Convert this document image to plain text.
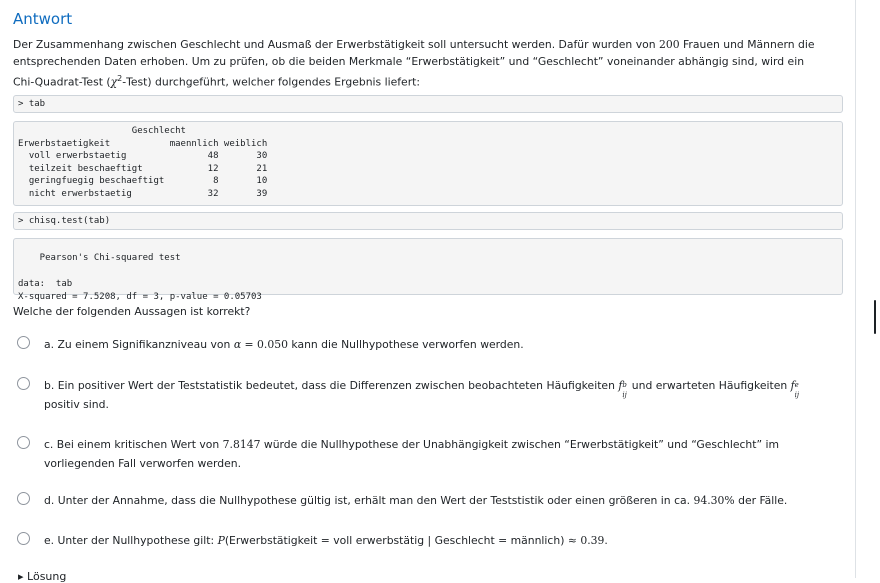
Antwort

Der Zusammenhang zwischen Geschlecht und Ausmaß der Erwerbstätigkeit soll untersucht werden. Dafür wurden von 200 Frauen und Männern die entsprechenden Daten erhoben. Um zu prüfen, ob die beiden Merkmale “Erwerbstätigkeit” und “Geschlecht” voneinander abhängig sind, wird ein Chi-Quadrat-Test $(\chi^2-Test)$ durchgeführt, welcher folgendes Ergebnis liefert:

> tab
Geschlecht
Erwerbstaetigkeit           maennlich weiblich
voll erwerbstaetig               48       30
teilzeit beschaeftigt            12       21
geringfuegig beschaeftigt         8       10
nicht erwerbstaetig              32       39
> chisq.test(tab)

Pearson's Chi-squared test

data:  tab
X-squared = 7.5208, df = 3, p-value = 0.05703

Welche der folgenden Aussagen ist korrekt?

a. Zu einem Signifikanzniveau von α = 0.050 kann die Nullhypothese verworfen werden.
b. Ein positiver Wert der Teststatistik bedeutet, dass die Differenzen zwischen beobachteten Häufigkeiten f b
ij
und erwarteten Häufigkeiten f e
ij
positiv sind.
c. Bei einem kritischen Wert von 7.8147 würde die Nullhypothese der Unabhängigkeit zwischen “Erwerbstätigkeit” und “Geschlecht” im vorliegenden Fall verworfen werden.
d. Unter der Annahme, dass die Nullhypothese gültig ist, erhält man den Wert der Teststistik oder einen größeren in ca. 94.30% der Fälle.
e. Unter der Nullhypothese gilt: P(Erwerbstätigkeit = voll erwerbstätig | Geschlecht = männlich) ≈ 0.39.
▸ Lösung
